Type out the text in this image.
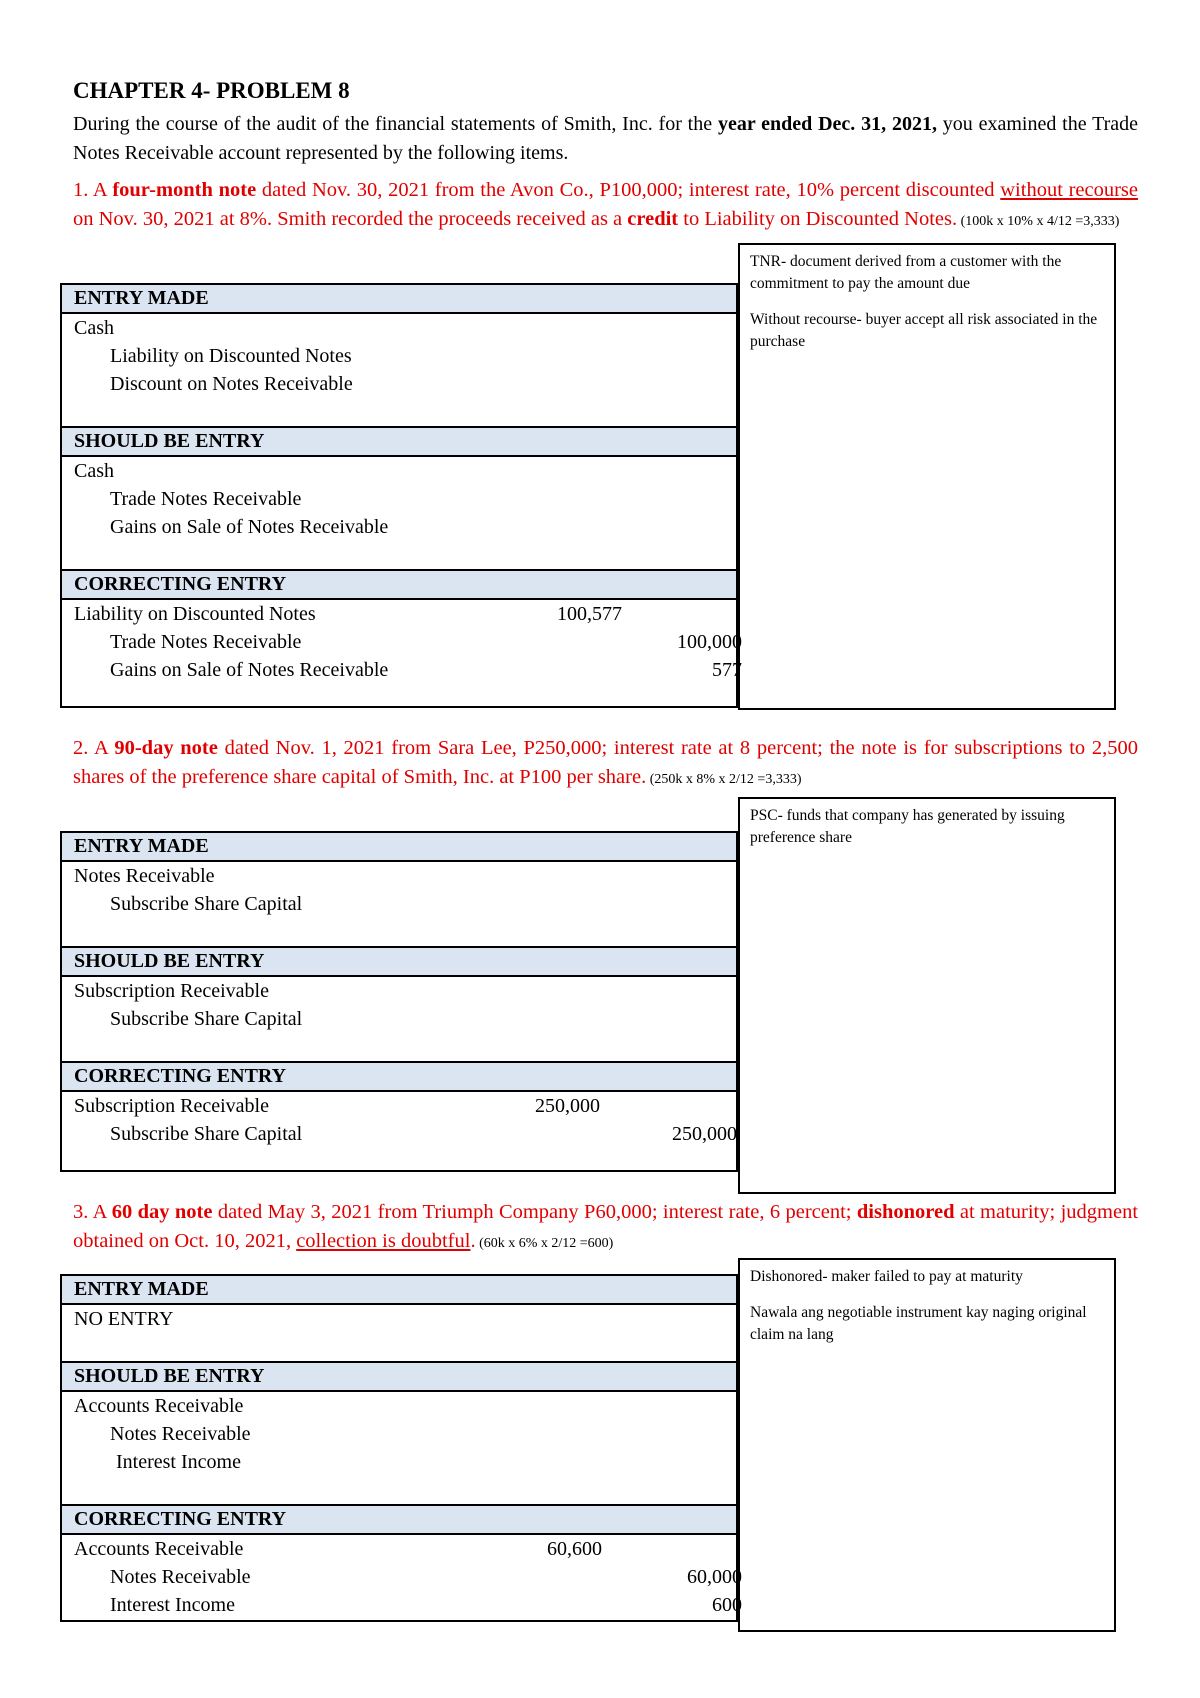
CHAPTER 4- PROBLEM 8
During the course of the audit of the financial statements of Smith, Inc. for the year ended Dec. 31, 2021, you examined the Trade Notes Receivable account represented by the following items.
1. A four-month note dated Nov. 30, 2021 from the Avon Co., P100,000; interest rate, 10% percent discounted without recourse on Nov. 30, 2021 at 8%. Smith recorded the proceeds received as a credit to Liability on Discounted Notes. (100k x 10% x 4/12 =3,333)
ENTRY MADE
Cash
Liability on Discounted Notes
Discount on Notes Receivable
SHOULD BE ENTRY
Cash
Trade Notes Receivable
Gains on Sale of Notes Receivable
CORRECTING ENTRY
Liability on Discounted Notes	100,577
Trade Notes Receivable	100,000
Gains on Sale of Notes Receivable	577

TNR- document derived from a customer with the commitment to pay the amount due

Without recourse- buyer accept all risk associated in the purchase

2. A 90-day note dated Nov. 1, 2021 from Sara Lee, P250,000; interest rate at 8 percent; the note is for subscriptions to 2,500 shares of the preference share capital of Smith, Inc. at P100 per share. (250k x 8% x 2/12 =3,333)
ENTRY MADE
Notes Receivable
Subscribe Share Capital
SHOULD BE ENTRY
Subscription Receivable
Subscribe Share Capital
CORRECTING ENTRY
Subscription Receivable	250,000
Subscribe Share Capital	250,000

PSC- funds that company has generated by issuing preference share

3. A 60 day note dated May 3, 2021 from Triumph Company P60,000; interest rate, 6 percent; dishonored at maturity; judgment obtained on Oct. 10, 2021, collection is doubtful. (60k x 6% x 2/12 =600)
ENTRY MADE
NO ENTRY
SHOULD BE ENTRY
Accounts Receivable
Notes Receivable
Interest Income
CORRECTING ENTRY
Accounts Receivable	60,600
Notes Receivable	60,000
Interest Income	600

Dishonored- maker failed to pay at maturity

Nawala ang negotiable instrument kay naging original claim na lang
